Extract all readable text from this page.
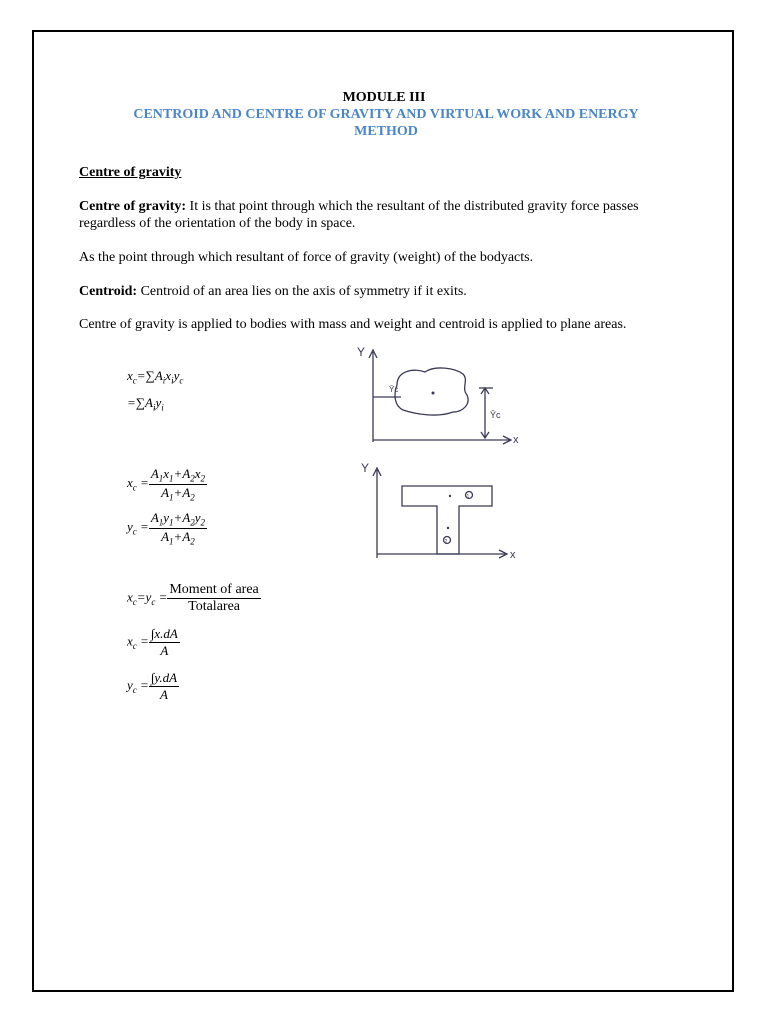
MODULE III
CENTROID AND CENTRE OF GRAVITY AND VIRTUAL WORK AND ENERGY METHOD
Centre of gravity
Centre of gravity: It is that point through which the resultant of the distributed gravity force passes regardless of the orientation of the body in space.
As the point through which resultant of force of gravity (weight) of the bodyacts.
Centroid: Centroid of an area lies on the axis of symmetry if it exits.
Centre of gravity is applied to bodies with mass and weight and centroid is applied to plane areas.
$x_c=\sum A_ix_iy_c$
$=\sum A_iy_i$
$x_c = \frac{A_1x_1+A_2x_2}{A_1+A_2}$
$y_c = \frac{A_1y_1+A_2y_2}{A_1+A_2}$
$x_c=y_c = \frac{\text{Moment of area}}{\text{Totalarea}}$
$x_c = \frac{\int x.dA}{A}$
$y_c = \frac{\int y.dA}{A}$
Y
x
Ȳc
Ȳc
Y
x
1
2
